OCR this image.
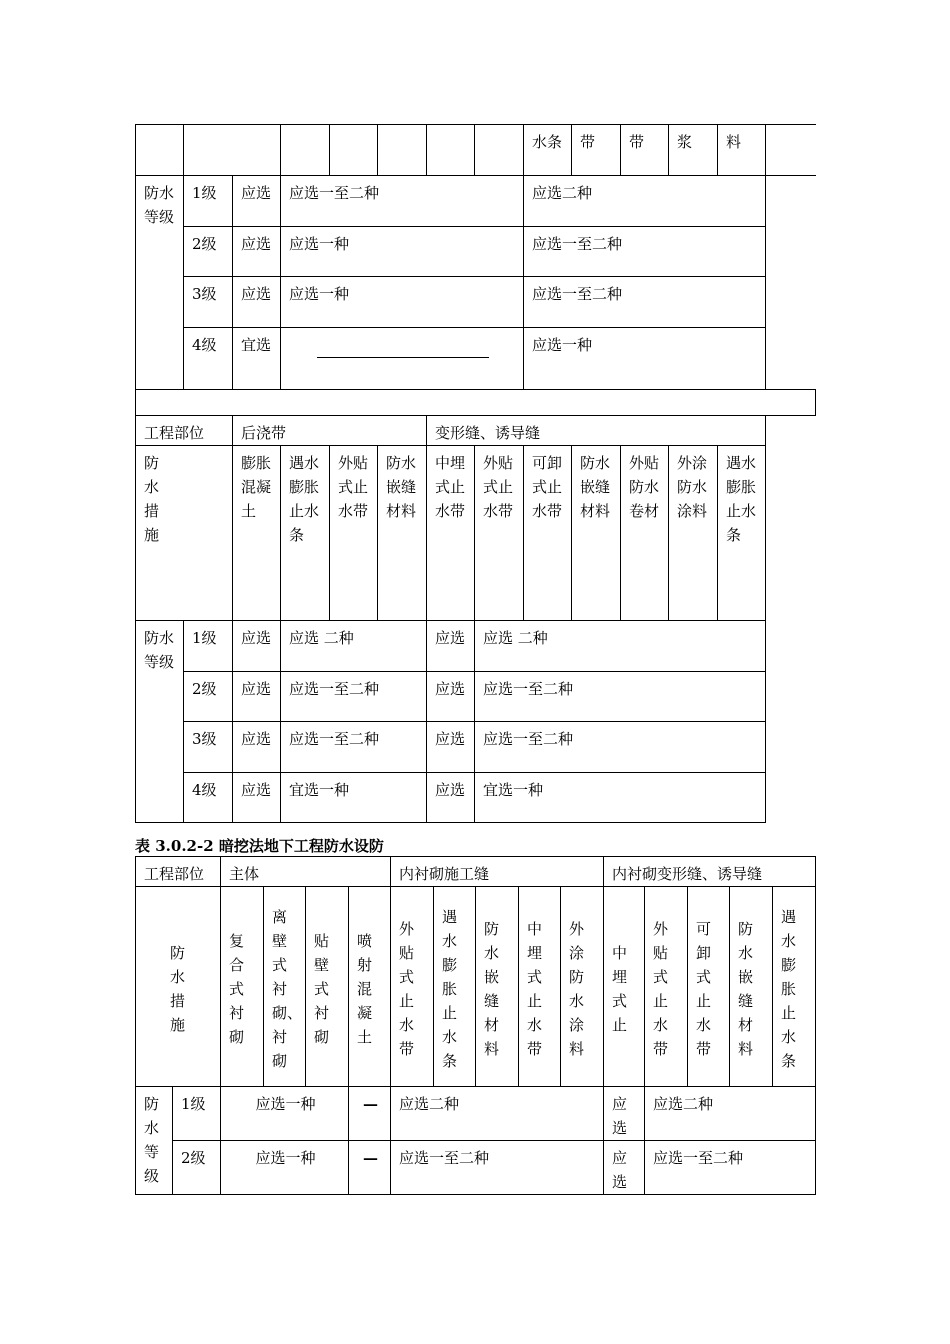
								水条	带	带	浆	料	
防水等级	1级	应选	应选一至二种					应选二种					
	2级	应选	应选一种					应选一至二种					
	3级	应选	应选一种					应选一至二种					
	4级	宜选						应选一种					

工程部位		后浇带				变形缝、诱导缝							
防水措施		膨胀混凝土	遇水膨胀止水条	外贴式止水带	防水嵌缝材料	中埋式止水带	外贴式止水带	可卸式止水带	防水嵌缝材料	外贴防水卷材	外涂防水涂料	遇水膨胀止水条	
防水等级	1级	应选	应选 二种			应选	应选 二种						
	2级	应选	应选一至二种			应选	应选一至二种						
	3级	应选	应选一至二种			应选	应选一至二种						
	4级	应选	宜选一种			应选	宜选一种						
表 3.0.2-2 暗挖法地下工程防水设防
工程部位		主体				内衬砌施工缝					内衬砌变形缝、诱导缝				
防水措施		复合式衬砌	离壁式衬砌、衬砌	贴壁式衬砌	喷射混凝土	外贴式止水带	遇水膨胀止水条	防水嵌缝材料	中埋式止水带	外涂防水涂料	中埋式止	外贴式止水带	可卸式止水带	防水嵌缝材料	遇水膨胀止水条
防水等级	1级	应选一种			—	应选二种					应选	应选二种			
	2级	应选一种			—	应选一至二种					应选	应选一至二种			
